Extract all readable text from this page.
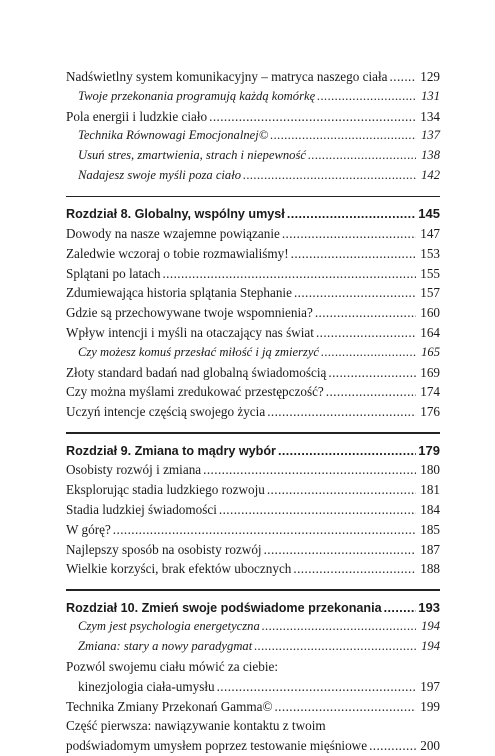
Nadświetlny system komunikacyjny – matryca naszego ciała ..... 129
Twoje przekonania programują każdą komórkę .....	131
Pola energii i ludzkie ciało .....	134
Technika Równowagi Emocjonalnej© .....	137
Usuń stres, zmartwienia, strach i niepewność .....	138
Nadajesz swoje myśli poza ciało .....	142
Rozdział 8. Globalny, wspólny umysł .....	145
Dowody na nasze wzajemne powiązanie .....	147
Zaledwie wczoraj o tobie rozmawialiśmy! .....	153
Splątani po latach .....	155
Zdumiewająca historia splątania Stephanie .....	157
Gdzie są przechowywane twoje wspomnienia? .....	160
Wpływ intencji i myśli na otaczający nas świat .....	164
Czy możesz komuś przesłać miłość i ją zmierzyć .....	165
Złoty standard badań nad globalną świadomością .....	169
Czy można myślami zredukować przestępczość? .....	174
Uczyń intencje częścią swojego życia .....	176
Rozdział 9. Zmiana to mądry wybór .....	179
Osobisty rozwój i zmiana .....	180
Eksplorując stadia ludzkiego rozwoju .....	181
Stadia ludzkiej świadomości .....	184
W górę? .....	185
Najlepszy sposób na osobisty rozwój .....	187
Wielkie korzyści, brak efektów ubocznych .....	188
Rozdział 10. Zmień swoje podświadome przekonania .....	193
Czym jest psychologia energetyczna .....	194
Zmiana: stary a nowy paradygmat .....	194
Pozwól swojemu ciału mówić za ciebie:
kinezjologia ciała-umysłu .....	197
Technika Zmiany Przekonań Gamma© .....	199
Część pierwsza: nawiązywanie kontaktu z twoim
podświadomym umysłem poprzez testowanie mięśniowe .....	200
